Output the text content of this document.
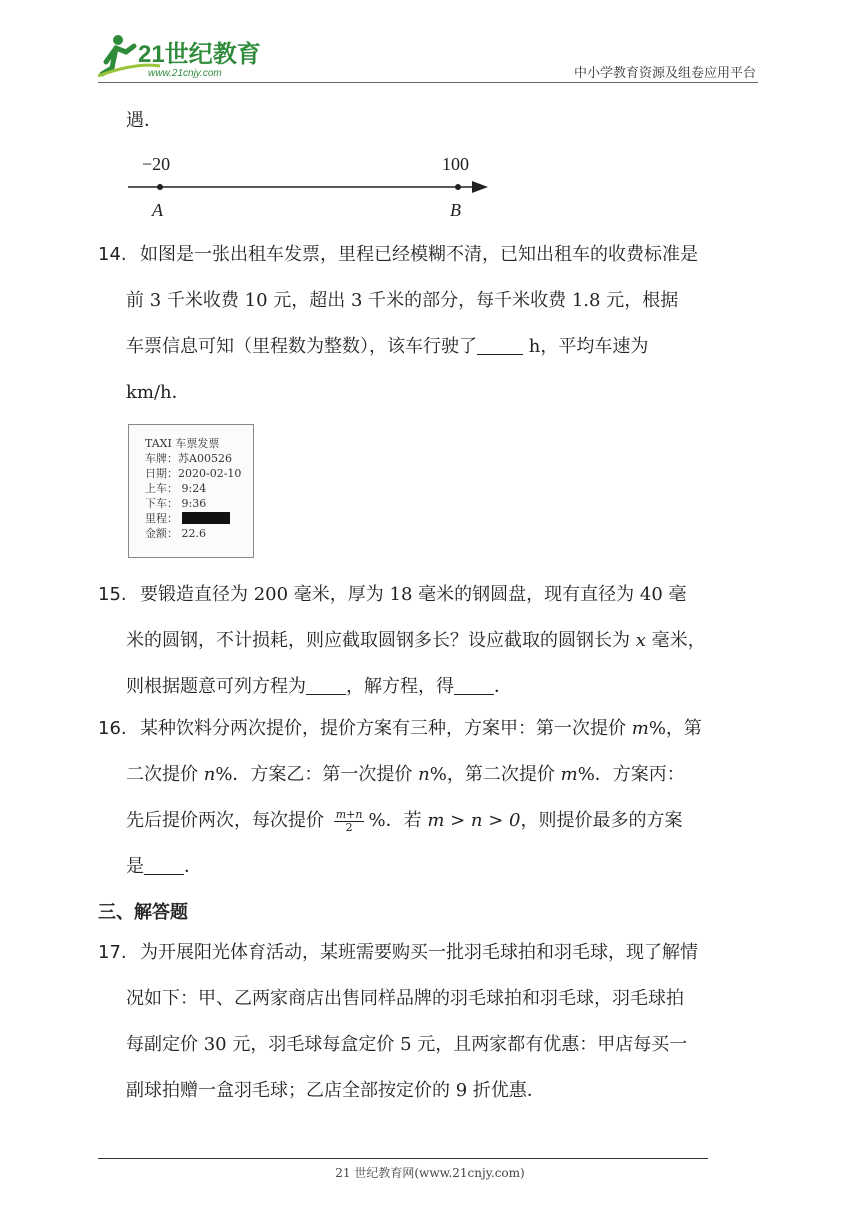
21世纪教育
www.21cnjy.com	中小学教育资源及组卷应用平台
遇．
−20	100
A	B
14. 如图是一张出租车发票，里程已经模糊不清，已知出租车的收费标准是
前 3 千米收费 10 元，超出 3 千米的部分，每千米收费 1.8 元，根据
车票信息可知（里程数为整数），该车行驶了	h，平均车速为
km/h．
TAXI 车票发票
车牌：苏A00526
日期：2020-02-10
上车： 9:24
下车： 9:36
里程：
金额： 22.6
15. 要锻造直径为 200 毫米，厚为 18 毫米的钢圆盘，现有直径为 40 毫
米的圆钢，不计损耗，则应截取圆钢多长？设应截取的圆钢长为 x 毫米，
则根据题意可列方程为 ，解方程，得 ．
16. 某种饮料分两次提价，提价方案有三种，方案甲：第一次提价 m%，第
二次提价 n%．方案乙：第一次提价 n%，第二次提价 m%．方案丙：
先后提价两次，每次提价 $\frac{m+n}{2}$ %．若 m > n > 0，则提价最多的方案
是 ．
三、解答题
17. 为开展阳光体育活动，某班需要购买一批羽毛球拍和羽毛球，现了解情
况如下：甲、乙两家商店出售同样品牌的羽毛球拍和羽毛球，羽毛球拍
每副定价 30 元，羽毛球每盒定价 5 元，且两家都有优惠：甲店每买一
副球拍赠一盒羽毛球；乙店全部按定价的 9 折优惠．
21 世纪教育网(www.21cnjy.com)
